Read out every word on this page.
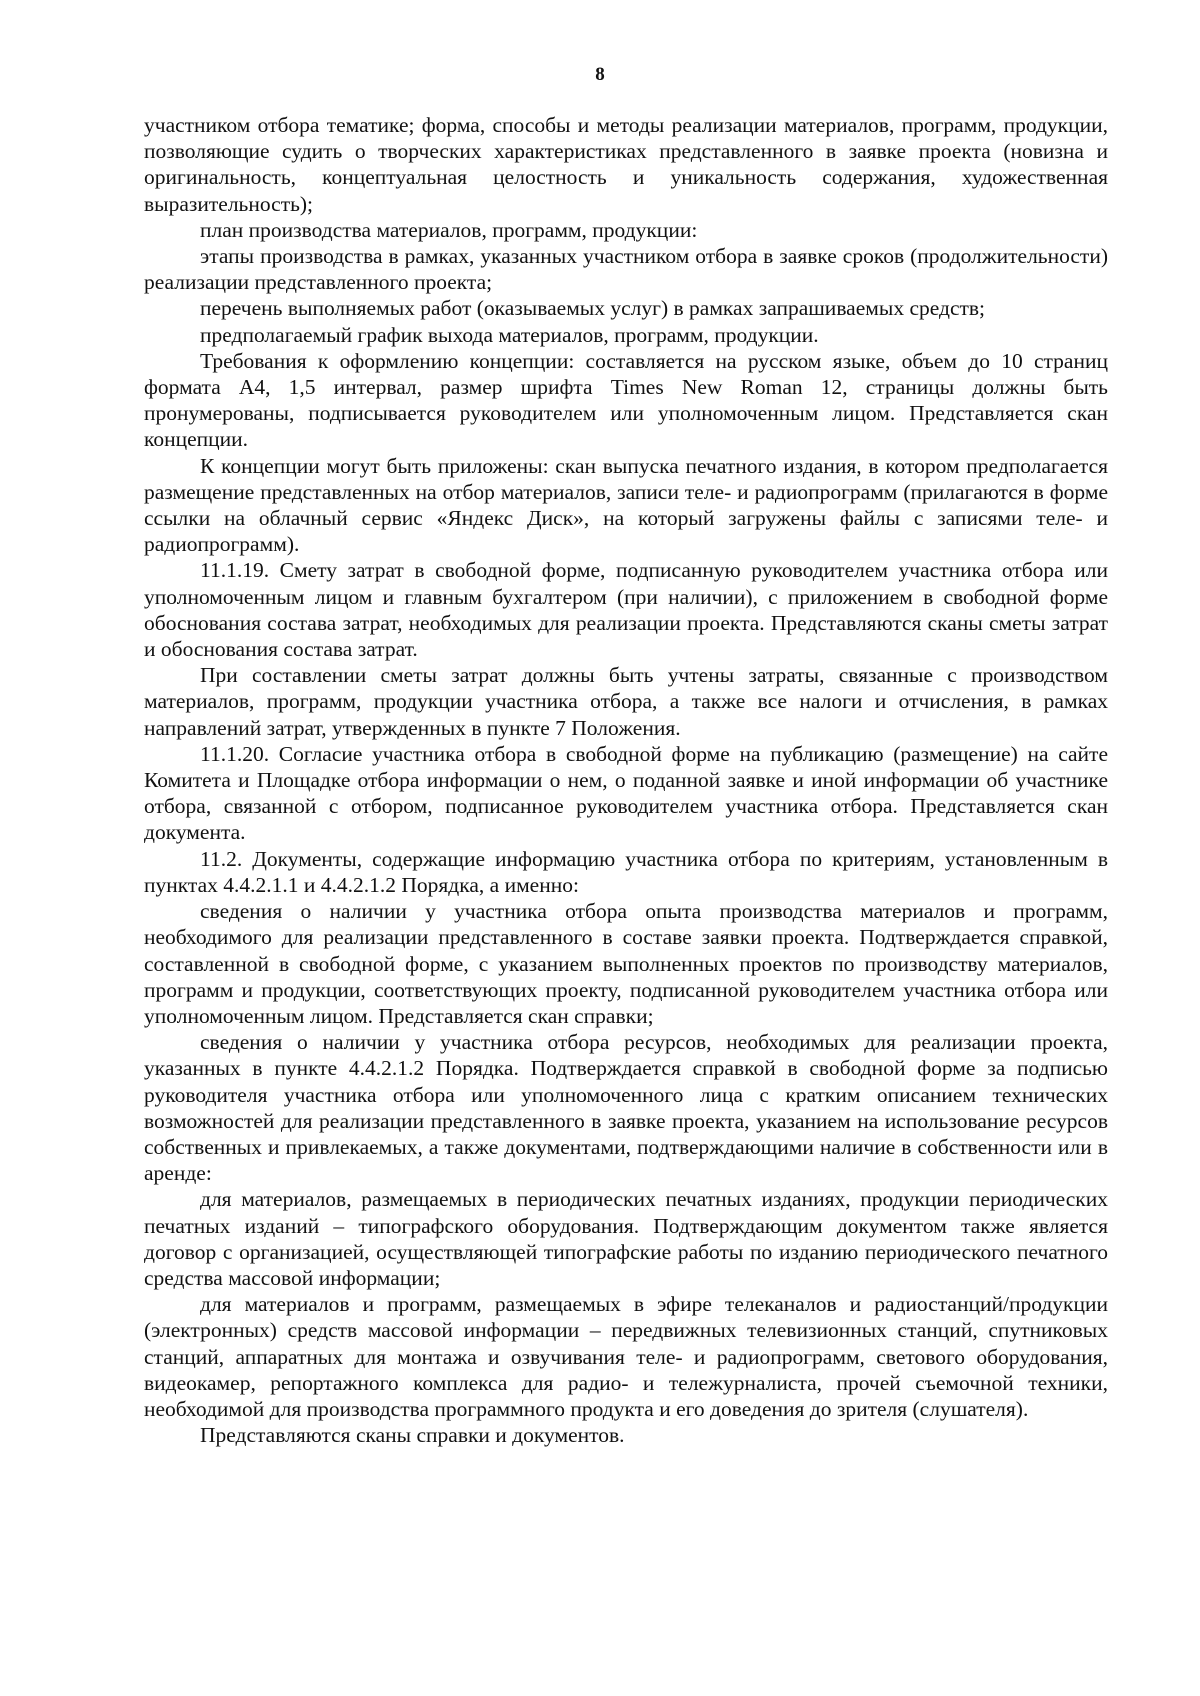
8

участником отбора тематике; форма, способы и методы реализации материалов, программ, продукции, позволяющие судить о творческих характеристиках представленного в заявке проекта (новизна и оригинальность, концептуальная целостность и уникальность содержания, художественная выразительность);

план производства материалов, программ, продукции:

этапы производства в рамках, указанных участником отбора в заявке сроков (продолжительности) реализации представленного проекта;

перечень выполняемых работ (оказываемых услуг) в рамках запрашиваемых средств;

предполагаемый график выхода материалов, программ, продукции.

Требования к оформлению концепции: составляется на русском языке, объем до 10 страниц формата А4, 1,5 интервал, размер шрифта Times New Roman 12, страницы должны быть пронумерованы, подписывается руководителем или уполномоченным лицом. Представляется скан концепции.

К концепции могут быть приложены: скан выпуска печатного издания, в котором предполагается размещение представленных на отбор материалов, записи теле- и радиопрограмм (прилагаются в форме ссылки на облачный сервис «Яндекс Диск», на который загружены файлы с записями теле- и радиопрограмм).

11.1.19. Смету затрат в свободной форме, подписанную руководителем участника отбора или уполномоченным лицом и главным бухгалтером (при наличии), с приложением в свободной форме обоснования состава затрат, необходимых для реализации проекта. Представляются сканы сметы затрат и обоснования состава затрат.

При составлении сметы затрат должны быть учтены затраты, связанные с производством материалов, программ, продукции участника отбора, а также все налоги и отчисления, в рамках направлений затрат, утвержденных в пункте 7 Положения.

11.1.20. Согласие участника отбора в свободной форме на публикацию (размещение) на сайте Комитета и Площадке отбора информации о нем, о поданной заявке и иной информации об участнике отбора, связанной с отбором, подписанное руководителем участника отбора. Представляется скан документа.

11.2. Документы, содержащие информацию участника отбора по критериям, установленным в пунктах 4.4.2.1.1 и 4.4.2.1.2 Порядка, а именно:

сведения о наличии у участника отбора опыта производства материалов и программ, необходимого для реализации представленного в составе заявки проекта. Подтверждается справкой, составленной в свободной форме, с указанием выполненных проектов по производству материалов, программ и продукции, соответствующих проекту, подписанной руководителем участника отбора или уполномоченным лицом. Представляется скан справки;

сведения о наличии у участника отбора ресурсов, необходимых для реализации проекта, указанных в пункте 4.4.2.1.2 Порядка. Подтверждается справкой в свободной форме за подписью руководителя участника отбора или уполномоченного лица с кратким описанием технических возможностей для реализации представленного в заявке проекта, указанием на использование ресурсов собственных и привлекаемых, а также документами, подтверждающими наличие в собственности или в аренде:

для материалов, размещаемых в периодических печатных изданиях, продукции периодических печатных изданий – типографского оборудования. Подтверждающим документом также является договор с организацией, осуществляющей типографские работы по изданию периодического печатного средства массовой информации;

для материалов и программ, размещаемых в эфире телеканалов и радиостанций/продукции (электронных) средств массовой информации – передвижных телевизионных станций, спутниковых станций, аппаратных для монтажа и озвучивания теле- и радиопрограмм, светового оборудования, видеокамер, репортажного комплекса для радио- и тележурналиста, прочей съемочной техники, необходимой для производства программного продукта и его доведения до зрителя (слушателя).

Представляются сканы справки и документов.
